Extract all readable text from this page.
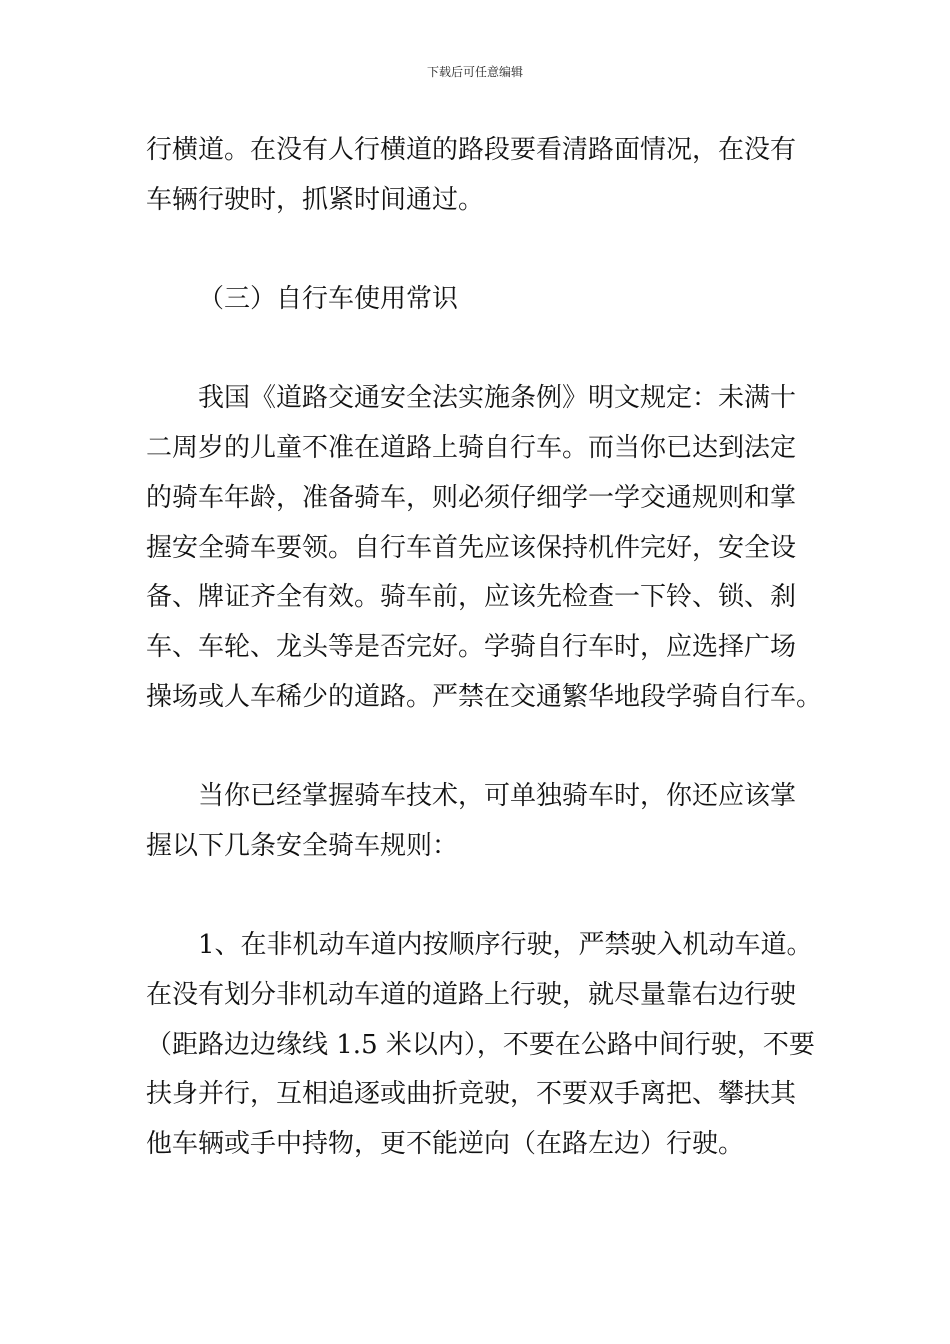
下载后可任意编辑
行横道。在没有人行横道的路段要看清路面情况，在没有
车辆行驶时，抓紧时间通过。
（三）自行车使用常识
我国《道路交通安全法实施条例》明文规定：未满十
二周岁的儿童不准在道路上骑自行车。而当你已达到法定
的骑车年龄，准备骑车，则必须仔细学一学交通规则和掌
握安全骑车要领。自行车首先应该保持机件完好，安全设
备、牌证齐全有效。骑车前，应该先检查一下铃、锁、刹
车、车轮、龙头等是否完好。学骑自行车时，应选择广场
操场或人车稀少的道路。严禁在交通繁华地段学骑自行车。
当你已经掌握骑车技术，可单独骑车时，你还应该掌
握以下几条安全骑车规则：
1、在非机动车道内按顺序行驶，严禁驶入机动车道。
在没有划分非机动车道的道路上行驶，就尽量靠右边行驶
（距路边边缘线 1.5 米以内），不要在公路中间行驶，不要
扶身并行，互相追逐或曲折竞驶，不要双手离把、攀扶其
他车辆或手中持物，更不能逆向（在路左边）行驶。
